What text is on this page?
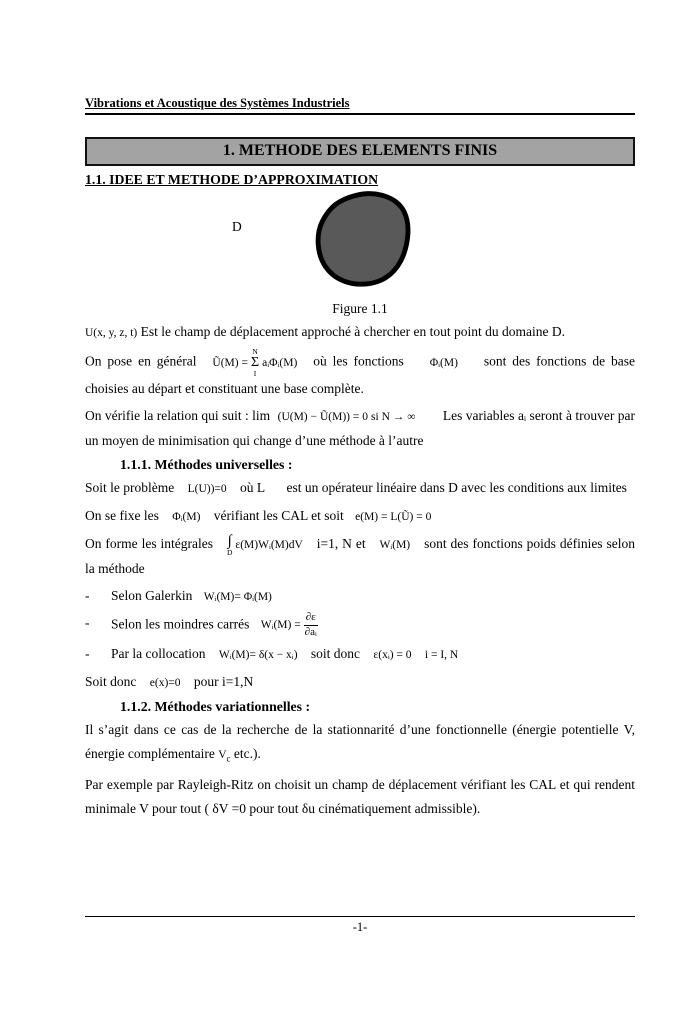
Vibrations et Acoustique des Systèmes Industriels
1. METHODE DES ELEMENTS FINIS
1.1. IDEE ET METHODE D’APPROXIMATION
D
Figure 1.1

U(x, y, z, t) Est le champ de déplacement approché à chercher en tout point du domaine D.

On pose en général Ũ(M) =
N
Σ
I
aᵢΦᵢ(M) où les fonctions Φᵢ(M) sont des fonctions de base choisies au départ et constituant une base complète.

On vérifie la relation qui suit : lim (U(M) − Ũ(M)) = 0 si N → ∞ Les variables aᵢ seront à trouver par un moyen de minimisation qui change d’une méthode à l’autre

1.1.1. Méthodes universelles :

Soit le problème L(U))=0 où L est un opérateur linéaire dans D avec les conditions aux limites

On se fixe les Φᵢ(M) vérifiant les CAL et soit e(M) = L(Ũ) = 0

On forme les intégrales ∫
D
ε(M)Wᵢ(M)dV i=1, N et Wᵢ(M) sont des fonctions poids définies selon la méthode

-	Selon Galerkin Wᵢ(M)= Φᵢ(M)
-	Selon les moindres carrés Wᵢ(M) = $\frac{\partial\varepsilon}{\text{∂aᵢ}}$
-	Par la collocation Wᵢ(M)= δ(x − xᵢ) soit donc ε(xᵢ) = 0 i = I, N

Soit donc e(x)=0 pour i=1,N

1.1.2. Méthodes variationnelles :

Il s’agit dans ce cas de la recherche de la stationnarité d’une fonctionnelle (énergie potentielle V, énergie complémentaire $V_c$ etc.).

Par exemple par Rayleigh-Ritz on choisit un champ de déplacement vérifiant les CAL et qui rendent minimale V pour tout ( δV =0 pour tout δu cinématiquement admissible).

-1-
